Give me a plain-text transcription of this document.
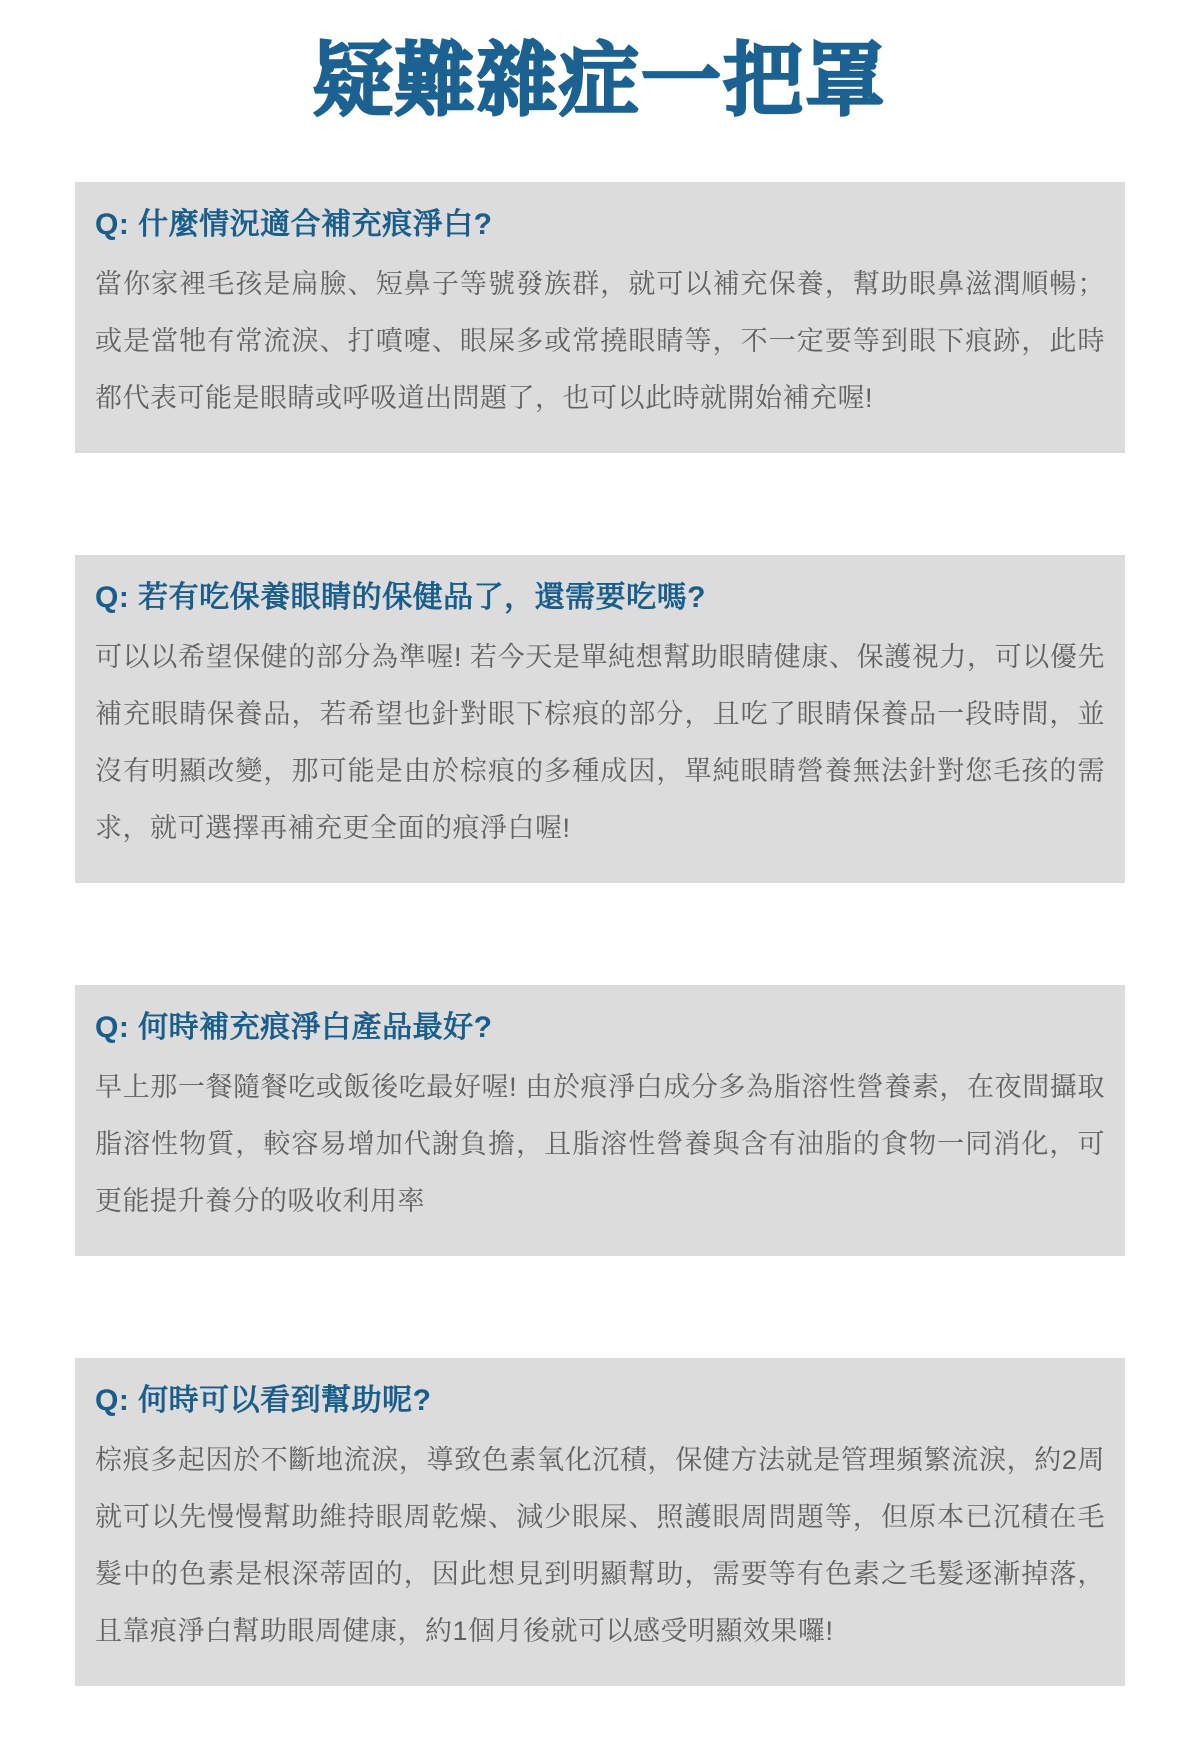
疑難雜症一把罩
Q: 什麼情況適合補充痕淨白?

當你家裡毛孩是扁臉、短鼻子等號發族群，就可以補充保養，幫助眼鼻滋潤順暢；或是當牠有常流淚、打噴嚏、眼屎多或常撓眼睛等，不一定要等到眼下痕跡，此時都代表可能是眼睛或呼吸道出問題了，也可以此時就開始補充喔!

Q: 若有吃保養眼睛的保健品了，還需要吃嗎?

可以以希望保健的部分為準喔! 若今天是單純想幫助眼睛健康、保護視力，可以優先補充眼睛保養品，若希望也針對眼下棕痕的部分，且吃了眼睛保養品一段時間，並沒有明顯改變，那可能是由於棕痕的多種成因，單純眼睛營養無法針對您毛孩的需求，就可選擇再補充更全面的痕淨白喔!

Q: 何時補充痕淨白產品最好?

早上那一餐隨餐吃或飯後吃最好喔! 由於痕淨白成分多為脂溶性營養素，在夜間攝取脂溶性物質，較容易增加代謝負擔，且脂溶性營養與含有油脂的食物一同消化，可更能提升養分的吸收利用率

Q: 何時可以看到幫助呢?

棕痕多起因於不斷地流淚，導致色素氧化沉積，保健方法就是管理頻繁流淚，約2周就可以先慢慢幫助維持眼周乾燥、減少眼屎、照護眼周問題等，但原本已沉積在毛髮中的色素是根深蒂固的，因此想見到明顯幫助，需要等有色素之毛髮逐漸掉落，且靠痕淨白幫助眼周健康，約1個月後就可以感受明顯效果囉!
